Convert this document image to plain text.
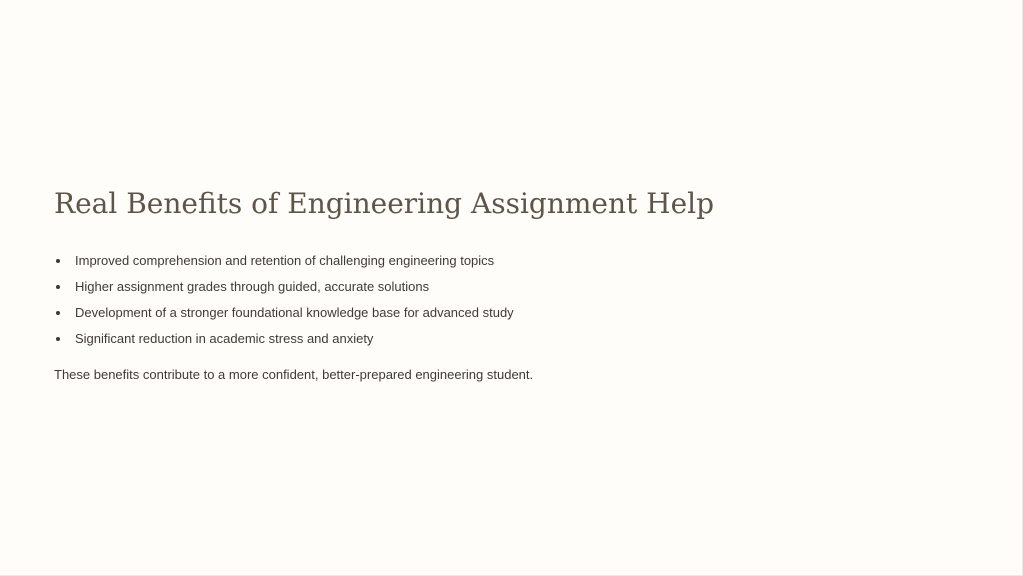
Real Benefits of Engineering Assignment Help
Improved comprehension and retention of challenging engineering topics
Higher assignment grades through guided, accurate solutions
Development of a stronger foundational knowledge base for advanced study
Significant reduction in academic stress and anxiety

These benefits contribute to a more confident, better-prepared engineering student.
